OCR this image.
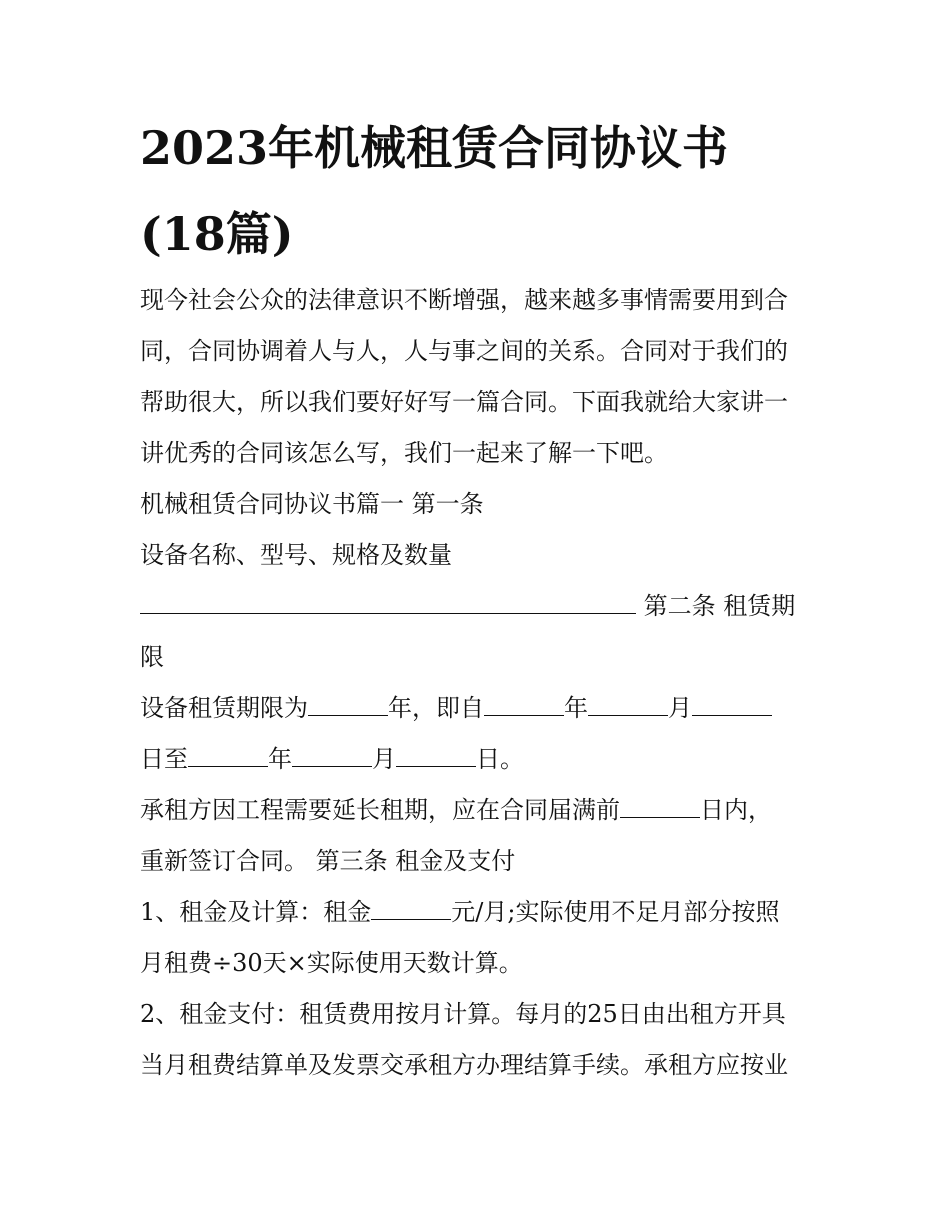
2023年机械租赁合同协议书
(18篇)
现今社会公众的法律意识不断增强，越来越多事情需要用到合
同，合同协调着人与人，人与事之间的关系。合同对于我们的
帮助很大，所以我们要好好写一篇合同。下面我就给大家讲一
讲优秀的合同该怎么写，我们一起来了解一下吧。
机械租赁合同协议书篇一 第一条
设备名称、型号、规格及数量
第二条 租赁期
限
设备租赁期限为	年，即自	年	月
日至	年	月	日。
承租方因工程需要延长租期，应在合同届满前	日内，
重新签订合同。 第三条 租金及支付
1、租金及计算：租金	元/月;实际使用不足月部分按照
月租费÷30天×实际使用天数计算。
2、租金支付：租赁费用按月计算。每月的25日由出租方开具
当月租费结算单及发票交承租方办理结算手续。承租方应按业
